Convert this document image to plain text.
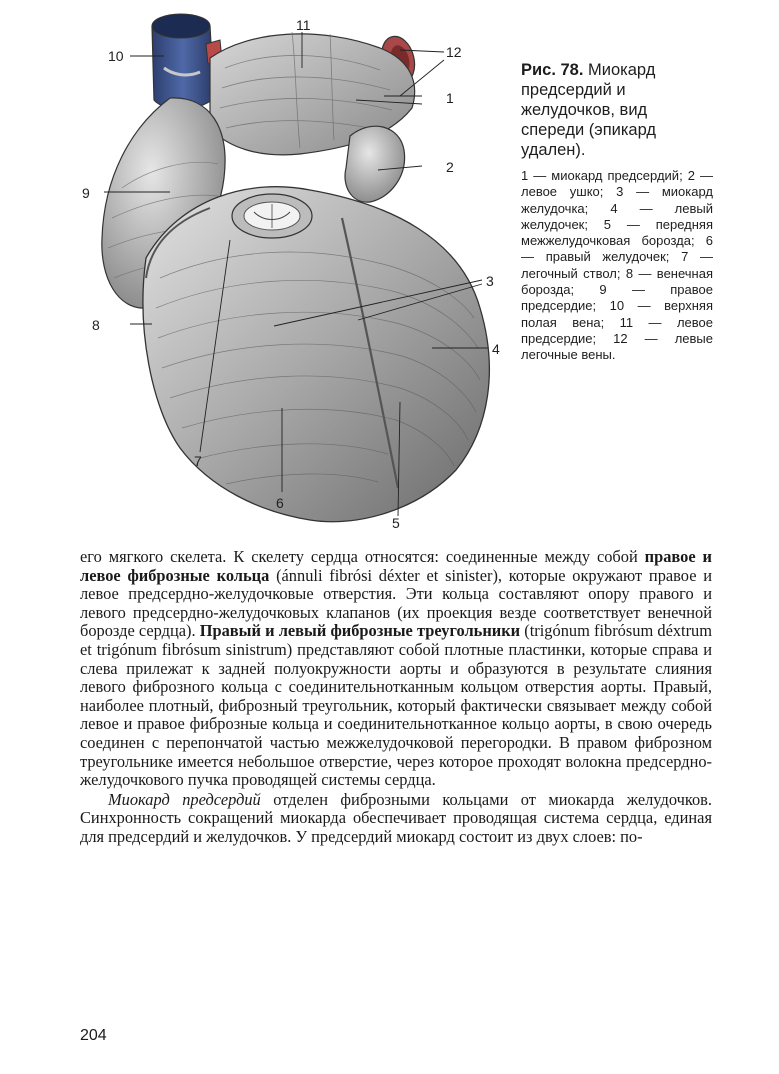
11
10	12
1
2
9
3
8
4
7
6
5

Рис. 78. Миокард предсердий и желудочков, вид спереди (эпикард удален).

1 — миокард предсердий; 2 — левое ушко; 3 — миокард желудочка; 4 — левый желудочек; 5 — передняя межжелудочковая борозда; 6 — правый желудочек; 7 — легочный ствол; 8 — венечная борозда; 9 — правое предсердие; 10 — верхняя полая вена; 11 — левое предсердие; 12 — левые легочные вены.

его мягкого скелета. К скелету сердца относятся: соединенные между собой правое и левое фиброзные кольца (ánnuli fibrósi déxter et sinister), которые окружают правое и левое предсердно-желудочковые отверстия. Эти кольца составляют опору правого и левого предсердно-желудочковых клапанов (их проекция везде соответствует венечной борозде сердца). Правый и левый фиброзные треугольники (trigónum fibrósum déxtrum et trigónum fibrósum sinistrum) представляют собой плотные пластинки, которые справа и слева прилежат к задней полуокружности аорты и образуются в результате слияния левого фиброзного кольца с соединительнотканным кольцом отверстия аорты. Правый, наиболее плотный, фиброзный треугольник, который фактически связывает между собой левое и правое фиброзные кольца и соединительнотканное кольцо аорты, в свою очередь соединен с перепончатой частью межжелудочковой перегородки. В правом фиброзном треугольнике имеется небольшое отверстие, через которое проходят волокна предсердно-желудочкового пучка проводящей системы сердца.

Миокард предсердий отделен фиброзными кольцами от миокарда желудочков. Синхронность сокращений миокарда обеспечивает проводящая система сердца, единая для предсердий и желудочков. У предсердий миокард состоит из двух слоев: по-

204
